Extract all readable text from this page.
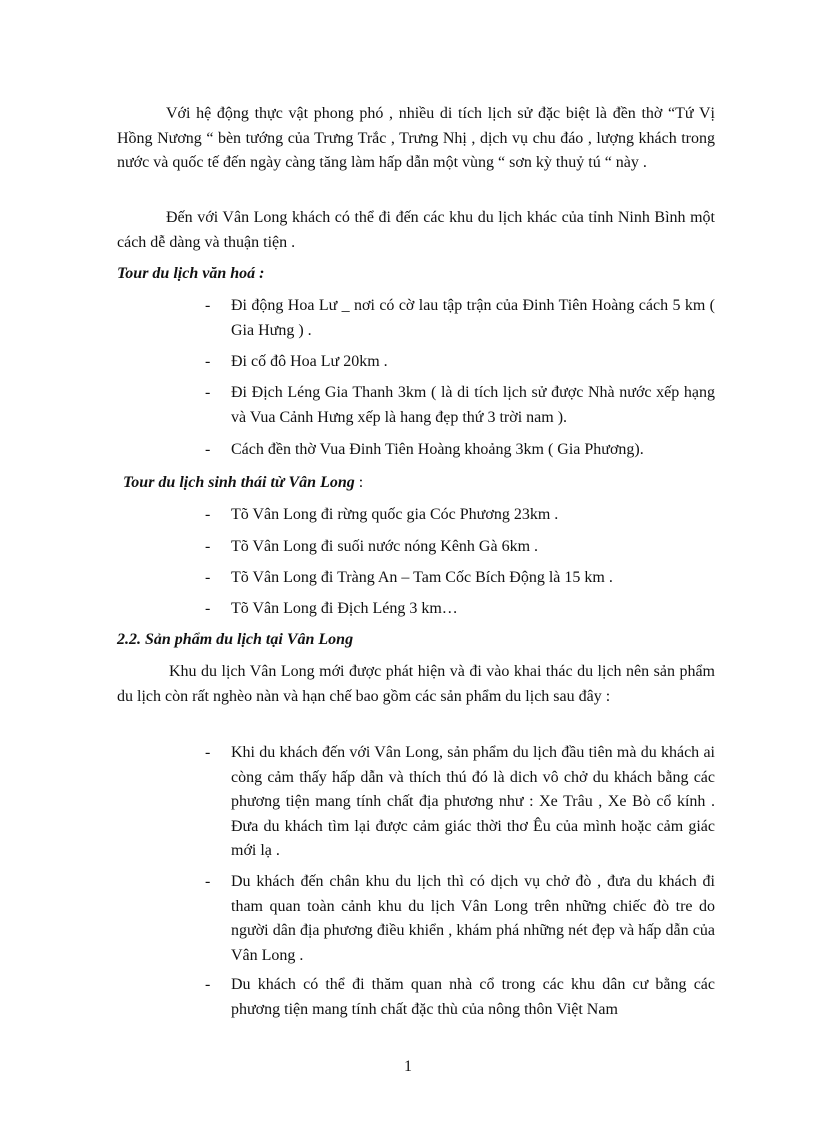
Với hệ động thực vật phong phó , nhiều di tích lịch sử đặc biệt là đền thờ “Tứ Vị Hồng Nương “ bèn tướng của Trưng Trắc , Trưng Nhị , dịch vụ chu đáo , lượng khách trong nước và quốc tế đến ngày càng tăng làm hấp dẫn một vùng “ sơn kỳ thuỷ tú “ này .

Đến với Vân Long khách có thể đi đến các khu du lịch khác của tỉnh Ninh Bình một cách dễ dàng và thuận tiện .

Tour du lịch văn hoá :

-	Đi động Hoa Lư _ nơi có cờ lau tập trận của Đinh Tiên Hoàng cách 5 km ( Gia Hưng ) .
-	Đi cố đô Hoa Lư 20km .
-	Đi Địch Léng Gia Thanh 3km ( là di tích lịch sử được Nhà nước xếp hạng và Vua Cảnh Hưng xếp là hang đẹp thứ 3 trời nam ).
-	Cách đền thờ Vua Đinh Tiên Hoàng khoảng 3km ( Gia Phương).

Tour du lịch sinh thái từ Vân Long :

-	Tõ Vân Long đi rừng quốc gia Cóc Phương 23km .
-	Tõ Vân Long đi suối nước nóng Kênh Gà 6km .
-	Tõ Vân Long đi Tràng An – Tam Cốc Bích Động là 15 km .
-	Tõ Vân Long đi Địch Léng 3 km…

2.2. Sản phẩm du lịch tại Vân Long

Khu du lịch Vân Long mới được phát hiện và đi vào khai thác du lịch nên sản phẩm du lịch còn rất nghèo nàn và hạn chế bao gồm các sản phẩm du lịch sau đây :

-	Khi du khách đến với Vân Long, sản phẩm du lịch đầu tiên mà du khách ai còng cảm thấy hấp dẫn và thích thú đó là dich vô chở du khách bằng các phương tiện mang tính chất địa phương như : Xe Trâu , Xe Bò cổ kính . Đưa du khách tìm lại được cảm giác thời thơ Êu của mình hoặc cảm giác mới lạ .
-	Du khách đến chân khu du lịch thì có dịch vụ chở đò , đưa du khách đi tham quan toàn cảnh khu du lịch Vân Long trên những chiếc đò tre do người dân địa phương điều khiển , khám phá những nét đẹp và hấp dẫn của Vân Long .
-	Du khách có thể đi thăm quan nhà cổ trong các khu dân cư bằng các phương tiện mang tính chất đặc thù của nông thôn Việt Nam
1
